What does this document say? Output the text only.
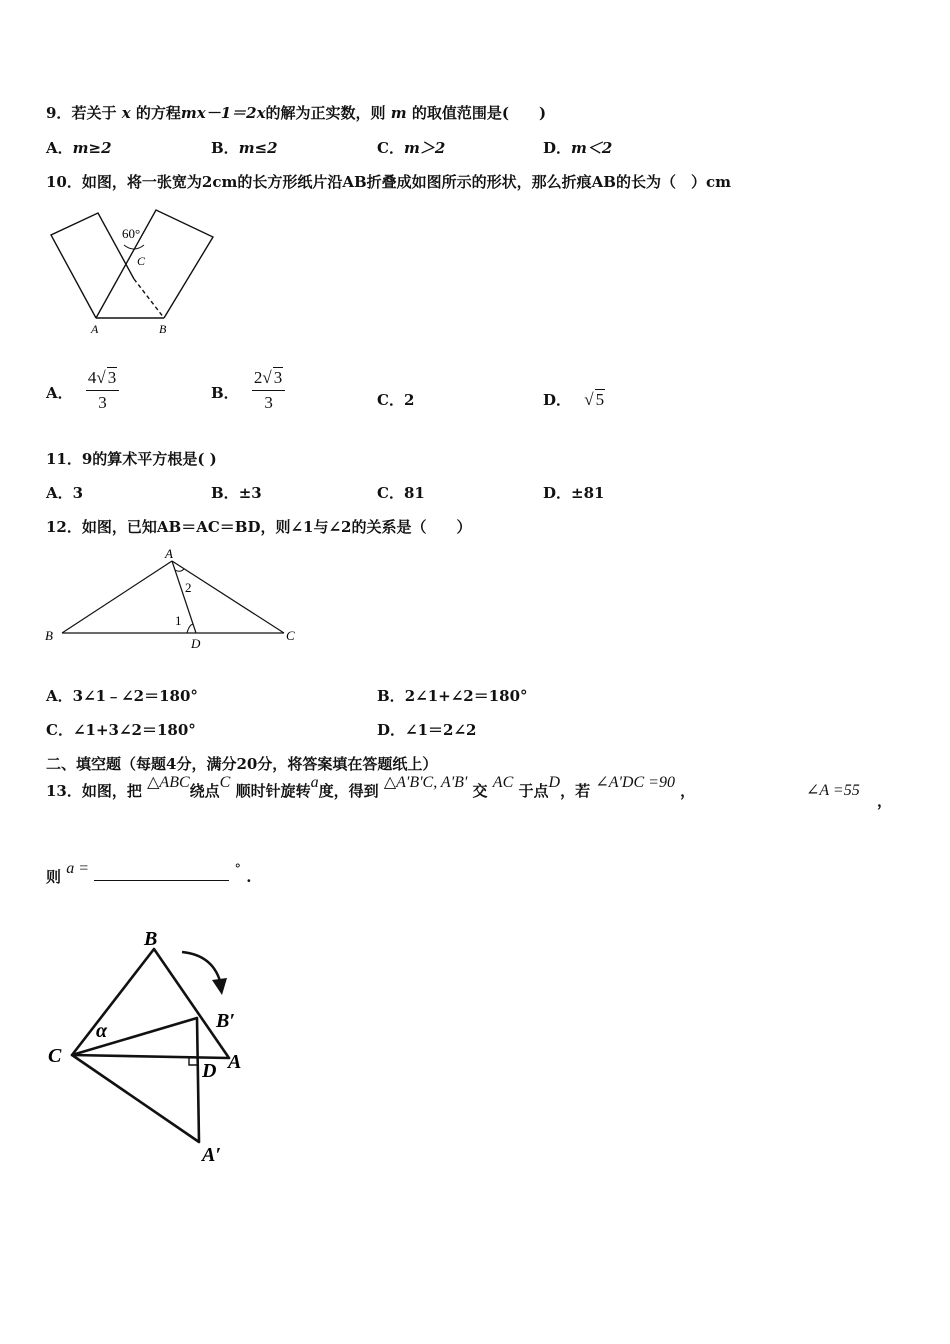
9．若关于 x 的方程mx－1＝2x的解为正实数，则 m 的取值范围是(　　)
A．m≥2	B．m≤2	C．m＞2	D．m＜2
10．如图，将一张宽为2cm的长方形纸片沿AB折叠成如图所示的形状，那么折痕AB的长为（　）cm
60°
C
A	B
A． $\frac{4√ 3}{3}$	B． $\frac{2√ 3}{3}$	C．2	D． √ 5
11．9的算术平方根是( )
A．3	B．±3	C．81	D．±81
12．如图，已知AB＝AC＝BD，则∠1与∠2的关系是（　　）
A
B	C
D
1
2
A．3∠1﹣∠2＝180°	B．2∠1+∠2＝180°
C．∠1+3∠2＝180°	D．∠1＝2∠2
二、填空题（每题4分，满分20分，将答案填在答题纸上）
13．如图，把 △ABC绕点C 顺时针旋转a度，得到 △A'B'C, A'B' 交 AC 于点D，若 ∠A'DC =90 ，	∠A =55
，
则 a =	° .
B
B′
C
D A
A′
α
